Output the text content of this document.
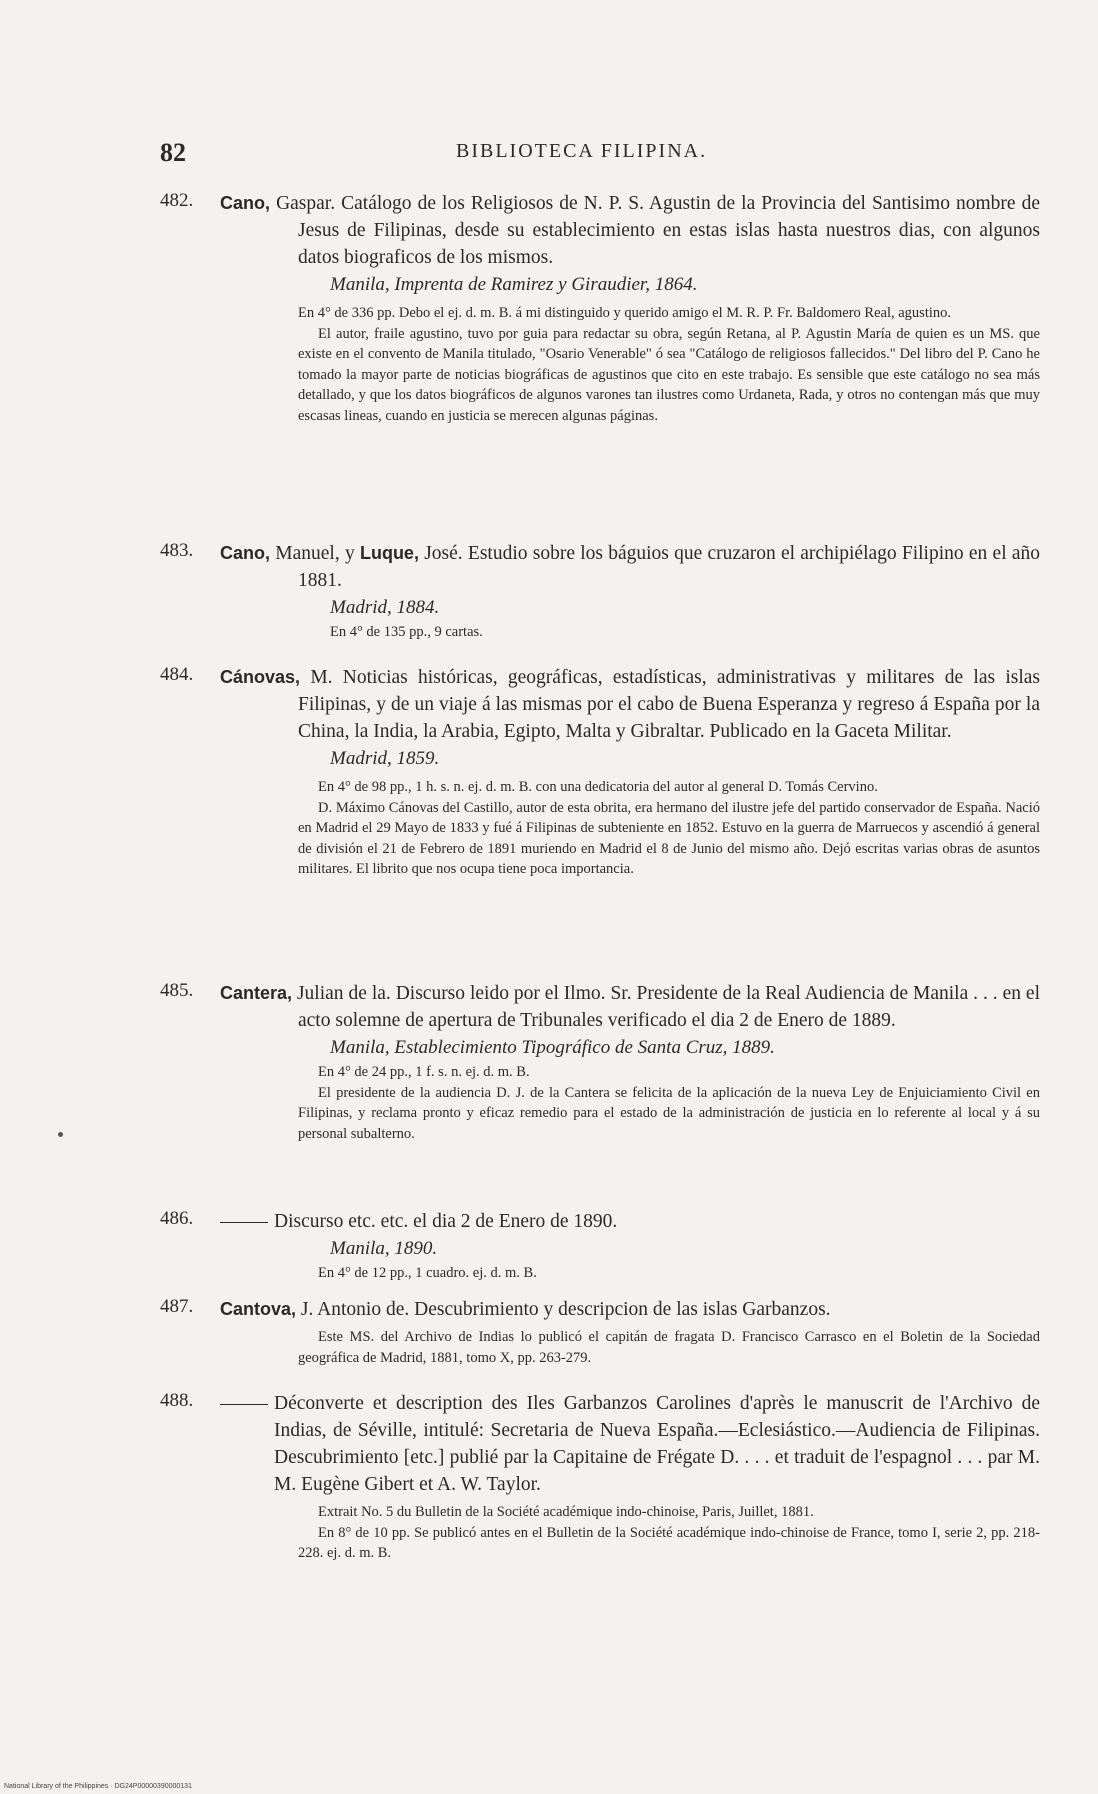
82	BIBLIOTECA FILIPINA.
482. Cano, Gaspar. Catálogo de los Religiosos de N. P. S. Agustin de la Provincia del Santisimo nombre de Jesus de Filipinas, desde su establecimiento en estas islas hasta nuestros dias, con algunos datos biograficos de los mismos.
Manila, Imprenta de Ramirez y Giraudier, 1864.
En 4° de 336 pp. Debo el ej. d. m. B. á mi distinguido y querido amigo el M. R. P. Fr. Baldomero Real, agustino.
El autor, fraile agustino, tuvo por guia para redactar su obra, según Retana, al P. Agustin María de quien es un MS. que existe en el convento de Manila titulado, "Osario Venerable" ó sea "Catálogo de religiosos fallecidos." Del libro del P. Cano he tomado la mayor parte de noticias biográficas de agustinos que cito en este trabajo. Es sensible que este catálogo no sea más detallado, y que los datos biográficos de algunos varones tan ilustres como Urdaneta, Rada, y otros no contengan más que muy escasas lineas, cuando en justicia se merecen algunas páginas.
483. Cano, Manuel, y Luque, José. Estudio sobre los báguios que cruzaron el archipiélago Filipino en el año 1881.
Madrid, 1884.
En 4° de 135 pp., 9 cartas.
484. Cánovas, M. Noticias históricas, geográficas, estadísticas, administrativas y militares de las islas Filipinas, y de un viaje á las mismas por el cabo de Buena Esperanza y regreso á España por la China, la India, la Arabia, Egipto, Malta y Gibraltar. Publicado en la Gaceta Militar.
Madrid, 1859.
En 4° de 98 pp., 1 h. s. n. ej. d. m. B. con una dedicatoria del autor al general D. Tomás Cervino.
D. Máximo Cánovas del Castillo, autor de esta obrita, era hermano del ilustre jefe del partido conservador de España. Nació en Madrid el 29 Mayo de 1833 y fué á Filipinas de subteniente en 1852. Estuvo en la guerra de Marruecos y ascendió á general de división el 21 de Febrero de 1891 muriendo en Madrid el 8 de Junio del mismo año. Dejó escritas varias obras de asuntos militares. El librito que nos ocupa tiene poca importancia.
485. Cantera, Julian de la. Discurso leido por el Ilmo. Sr. Presidente de la Real Audiencia de Manila . . . en el acto solemne de apertura de Tribunales verificado el dia 2 de Enero de 1889.
Manila, Establecimiento Tipográfico de Santa Cruz, 1889.
En 4° de 24 pp., 1 f. s. n. ej. d. m. B.
El presidente de la audiencia D. J. de la Cantera se felicita de la aplicación de la nueva Ley de Enjuiciamiento Civil en Filipinas, y reclama pronto y eficaz remedio para el estado de la administración de justicia en lo referente al local y á su personal subalterno.
486.	Discurso etc. etc. el dia 2 de Enero de 1890.
Manila, 1890.
En 4° de 12 pp., 1 cuadro. ej. d. m. B.
487. Cantova, J. Antonio de. Descubrimiento y descripcion de las islas Garbanzos.
Este MS. del Archivo de Indias lo publicó el capitán de fragata D. Francisco Carrasco en el Boletin de la Sociedad geográfica de Madrid, 1881, tomo X, pp. 263-279.
488.	Déconverte et description des Iles Garbanzos Carolines d'après le manuscrit de l'Archivo de Indias, de Séville, intitulé: Secretaria de Nueva España.—Eclesiástico.—Audiencia de Filipinas. Descubrimiento [etc.] publié par la Capitaine de Frégate D. . . . et traduit de l'espagnol . . . par M. M. Eugène Gibert et A. W. Taylor.
Extrait No. 5 du Bulletin de la Société académique indo-chinoise, Paris, Juillet, 1881.
En 8° de 10 pp. Se publicó antes en el Bulletin de la Société académique indo-chinoise de France, tomo I, serie 2, pp. 218-228. ej. d. m. B.
National Library of the Philippines · DG24P00000390000131
